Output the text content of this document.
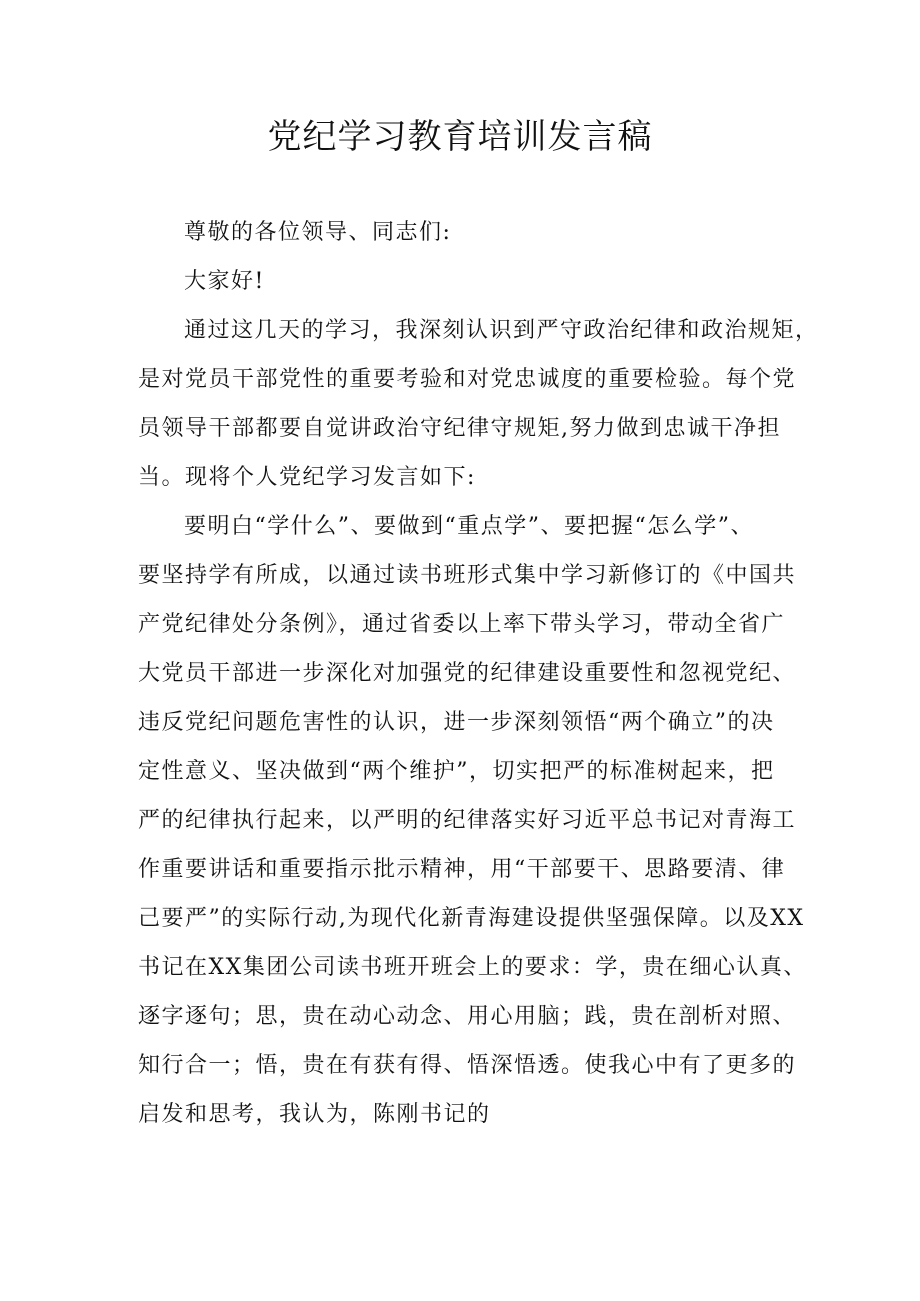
党纪学习教育培训发言稿
尊敬的各位领导、同志们:
大家好!
通过这几天的学习，我深刻认识到严守政治纪律和政治规矩，
是对党员干部党性的重要考验和对党忠诚度的重要检验。每个党
员领导干部都要自觉讲政治守纪律守规矩,努力做到忠诚干净担
当。现将个人党纪学习发言如下:
要明白“学什么”、要做到“重点学”、要把握“怎么学”、
要坚持学有所成，以通过读书班形式集中学习新修订的《中国共
产党纪律处分条例》，通过省委以上率下带头学习，带动全省广
大党员干部进一步深化对加强党的纪律建设重要性和忽视党纪、
违反党纪问题危害性的认识，进一步深刻领悟“两个确立”的决
定性意义、坚决做到“两个维护”，切实把严的标准树起来，把
严的纪律执行起来，以严明的纪律落实好习近平总书记对青海工
作重要讲话和重要指示批示精神，用“干部要干、思路要清、律
己要严”的实际行动,为现代化新青海建设提供坚强保障。以及XX
书记在XX集团公司读书班开班会上的要求：学，贵在细心认真、
逐字逐句；思，贵在动心动念、用心用脑；践，贵在剖析对照、
知行合一；悟，贵在有获有得、悟深悟透。使我心中有了更多的
启发和思考，我认为，陈刚书记的
